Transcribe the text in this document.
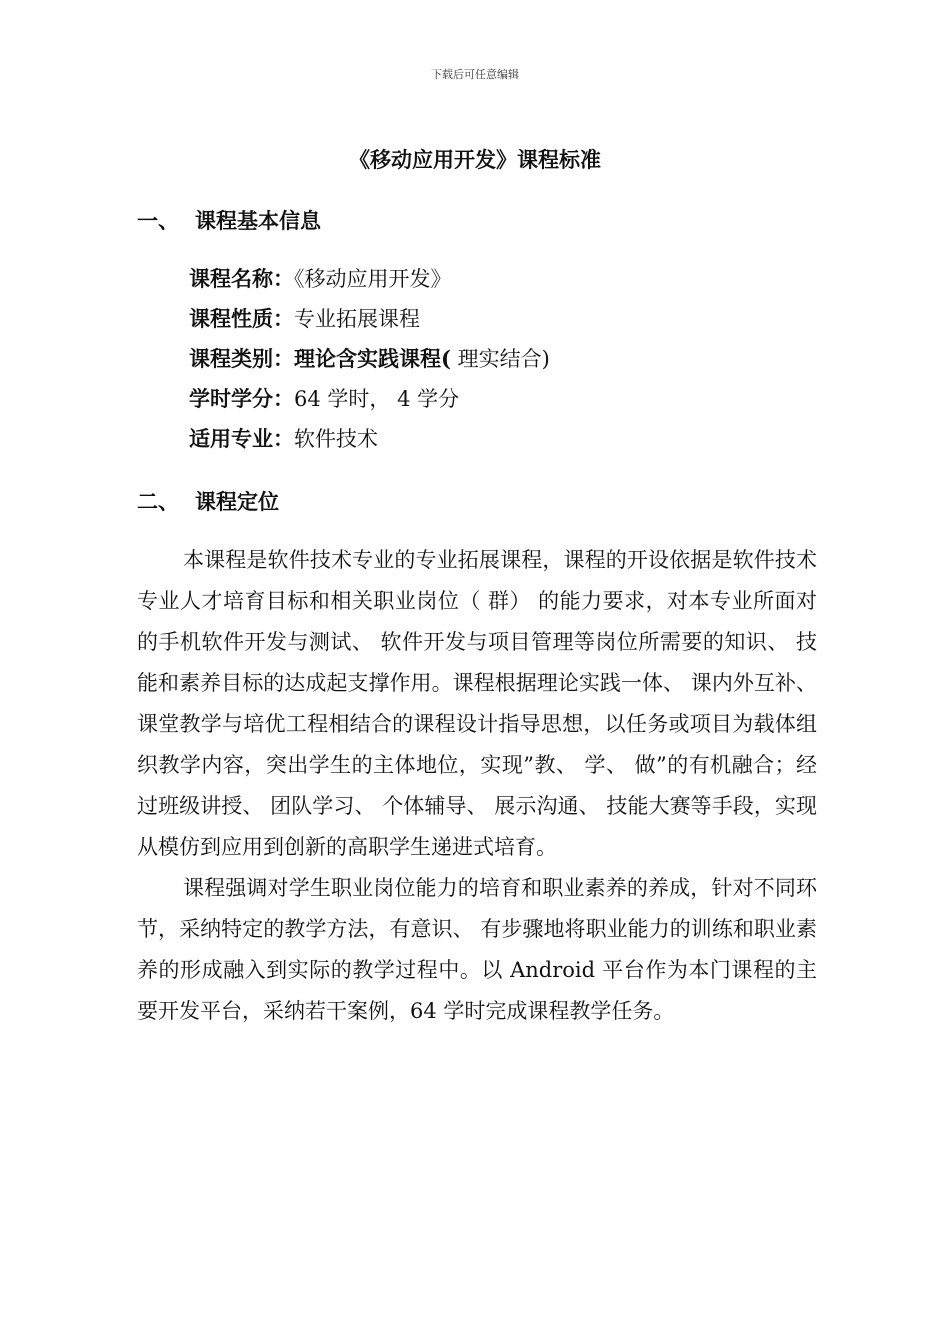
下载后可任意编辑
《移动应用开发》课程标准
一、 课程基本信息
课程名称：《移动应用开发》
课程性质：专业拓展课程
课程类别：理论含实践课程( 理实结合)
学时学分：64 学时， 4 学分
适用专业：软件技术
二、 课程定位

本课程是软件技术专业的专业拓展课程，课程的开设依据是软件技术专业人才培育目标和相关职业岗位（ 群） 的能力要求，对本专业所面对的手机软件开发与测试、 软件开发与项目管理等岗位所需要的知识、 技能和素养目标的达成起支撑作用。课程根据理论实践一体、 课内外互补、 课堂教学与培优工程相结合的课程设计指导思想，以任务或项目为载体组织教学内容，突出学生的主体地位，实现”教、 学、 做”的有机融合；经过班级讲授、 团队学习、 个体辅导、 展示沟通、 技能大赛等手段，实现从模仿到应用到创新的高职学生递进式培育。

课程强调对学生职业岗位能力的培育和职业素养的养成，针对不同环节，采纳特定的教学方法，有意识、 有步骤地将职业能力的训练和职业素养的形成融入到实际的教学过程中。以 Android 平台作为本门课程的主要开发平台，采纳若干案例，64 学时完成课程教学任务。
